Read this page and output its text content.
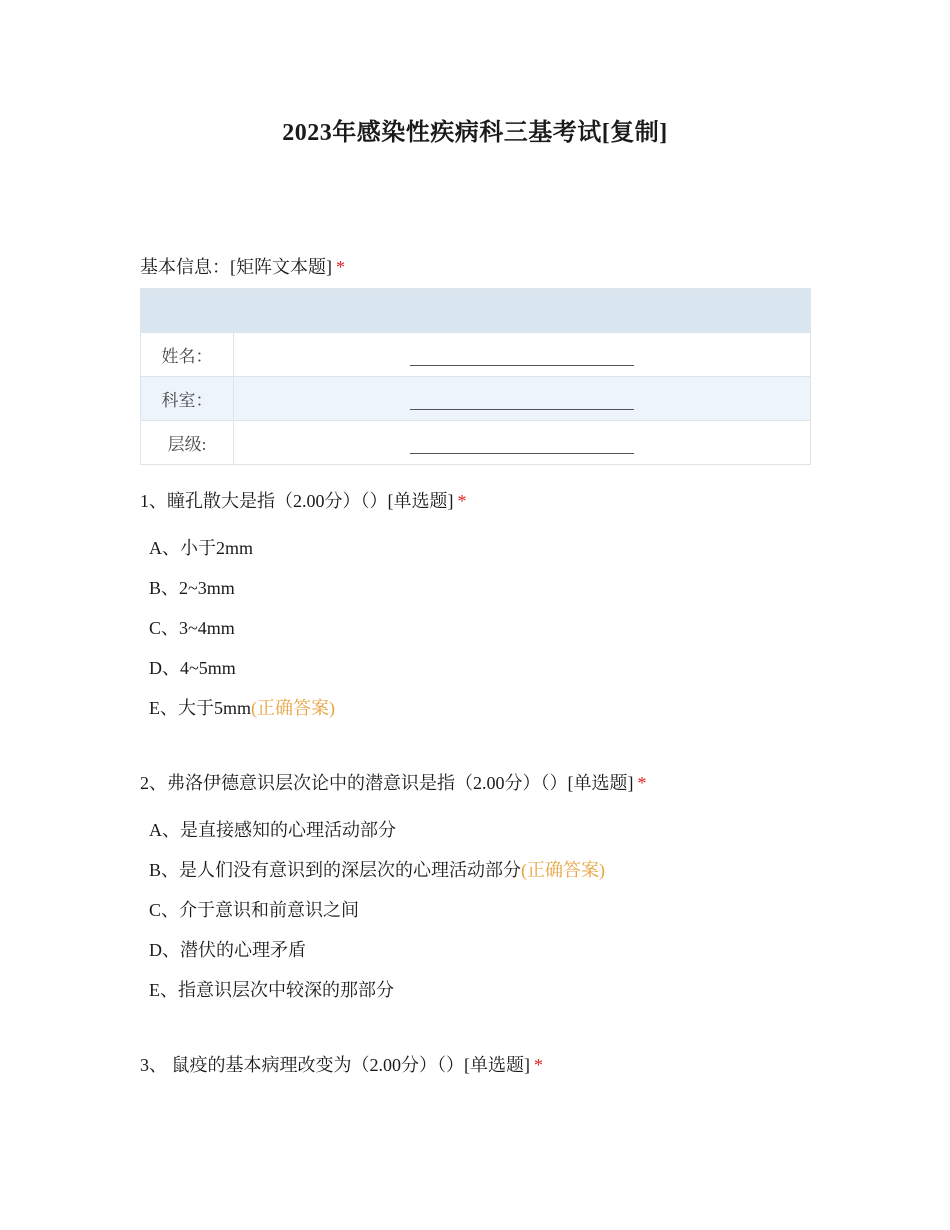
2023年感染性疾病科三基考试[复制]
基本信息：[矩阵文本题] *

姓名：	
科室：	
层级:	
1、瞳孔散大是指（2.00分）（）[单选题] *
A、小于2mm
B、2~3mm
C、3~4mm
D、4~5mm
E、大于5mm(正确答案)
2、弗洛伊德意识层次论中的潜意识是指（2.00分）（）[单选题] *
A、是直接感知的心理活动部分
B、是人们没有意识到的深层次的心理活动部分(正确答案)
C、介于意识和前意识之间
D、潜伏的心理矛盾
E、指意识层次中较深的那部分
3、 鼠疫的基本病理改变为（2.00分）（）[单选题] *
